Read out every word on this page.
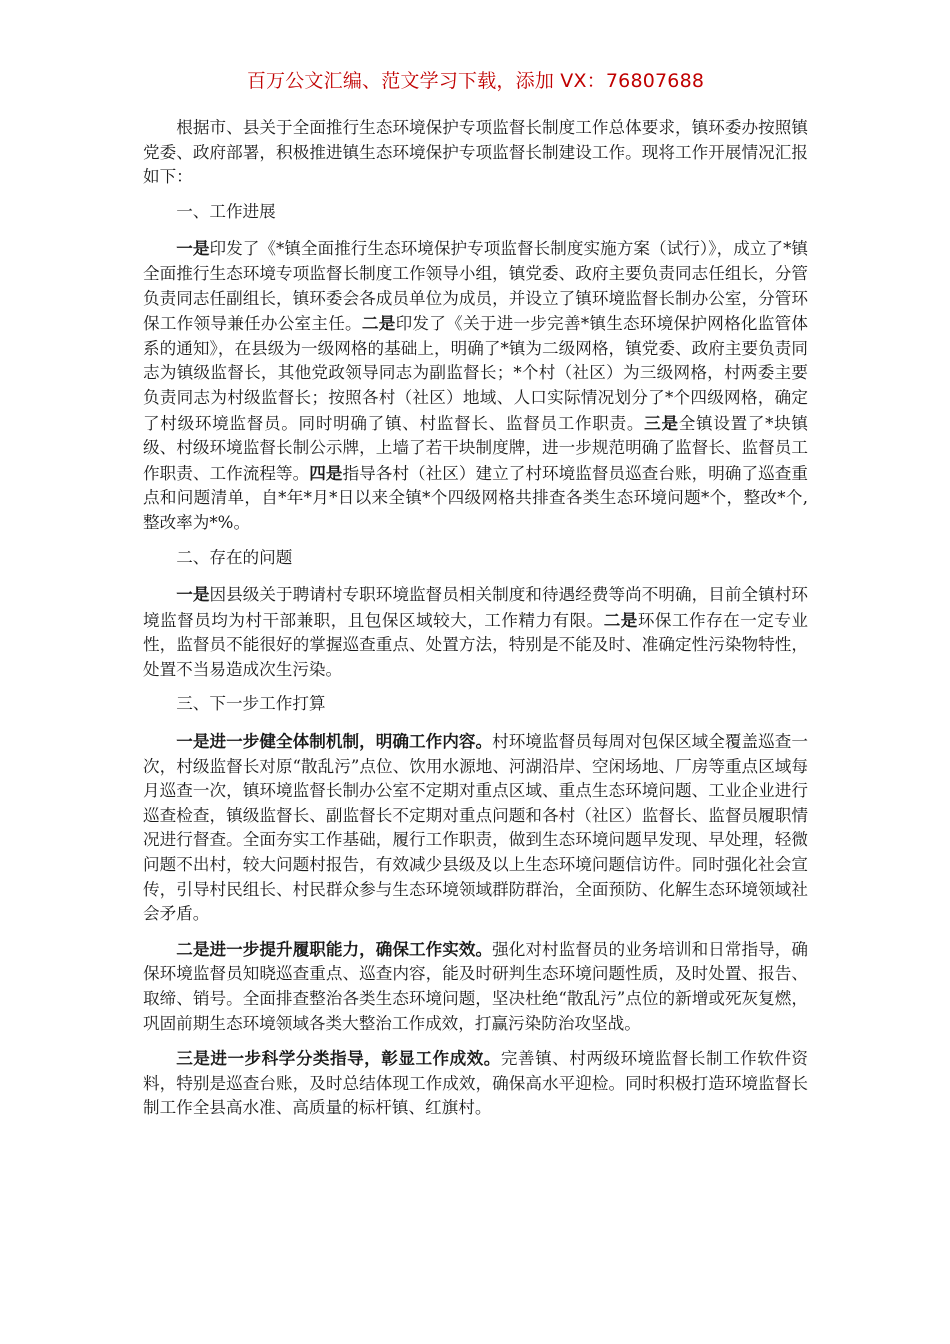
百万公文汇编、范文学习下载，添加 VX：76807688

根据市、县关于全面推行生态环境保护专项监督长制度工作总体要求，镇环委办按照镇党委、政府部署，积极推进镇生态环境保护专项监督长制建设工作。现将工作开展情况汇报如下：

一、工作进展

一是印发了《*镇全面推行生态环境保护专项监督长制度实施方案（试行）》，成立了*镇全面推行生态环境专项监督长制度工作领导小组，镇党委、政府主要负责同志任组长，分管负责同志任副组长，镇环委会各成员单位为成员，并设立了镇环境监督长制办公室，分管环保工作领导兼任办公室主任。二是印发了《关于进一步完善*镇生态环境保护网格化监管体系的通知》，在县级为一级网格的基础上，明确了*镇为二级网格，镇党委、政府主要负责同志为镇级监督长，其他党政领导同志为副监督长；*个村（社区）为三级网格，村两委主要负责同志为村级监督长；按照各村（社区）地域、人口实际情况划分了*个四级网格，确定了村级环境监督员。同时明确了镇、村监督长、监督员工作职责。三是全镇设置了*块镇级、村级环境监督长制公示牌，上墙了若干块制度牌，进一步规范明确了监督长、监督员工作职责、工作流程等。四是指导各村（社区）建立了村环境监督员巡查台账，明确了巡查重点和问题清单，自*年*月*日以来全镇*个四级网格共排查各类生态环境问题*个，整改*个,整改率为*%。

二、存在的问题

一是因县级关于聘请村专职环境监督员相关制度和待遇经费等尚不明确，目前全镇村环境监督员均为村干部兼职，且包保区域较大，工作精力有限。二是环保工作存在一定专业性，监督员不能很好的掌握巡查重点、处置方法，特别是不能及时、准确定性污染物特性，处置不当易造成次生污染。

三、下一步工作打算

一是进一步健全体制机制，明确工作内容。村环境监督员每周对包保区域全覆盖巡查一次，村级监督长对原“散乱污”点位、饮用水源地、河湖沿岸、空闲场地、厂房等重点区域每月巡查一次，镇环境监督长制办公室不定期对重点区域、重点生态环境问题、工业企业进行巡查检查，镇级监督长、副监督长不定期对重点问题和各村（社区）监督长、监督员履职情况进行督查。全面夯实工作基础，履行工作职责，做到生态环境问题早发现、早处理，轻微问题不出村，较大问题村报告，有效减少县级及以上生态环境问题信访件。同时强化社会宣传，引导村民组长、村民群众参与生态环境领域群防群治，全面预防、化解生态环境领域社会矛盾。

二是进一步提升履职能力，确保工作实效。强化对村监督员的业务培训和日常指导，确保环境监督员知晓巡查重点、巡查内容，能及时研判生态环境问题性质，及时处置、报告、取缔、销号。全面排查整治各类生态环境问题，坚决杜绝“散乱污”点位的新增或死灰复燃，巩固前期生态环境领域各类大整治工作成效，打赢污染防治攻坚战。

三是进一步科学分类指导，彰显工作成效。完善镇、村两级环境监督长制工作软件资料，特别是巡查台账，及时总结体现工作成效，确保高水平迎检。同时积极打造环境监督长制工作全县高水准、高质量的标杆镇、红旗村。
